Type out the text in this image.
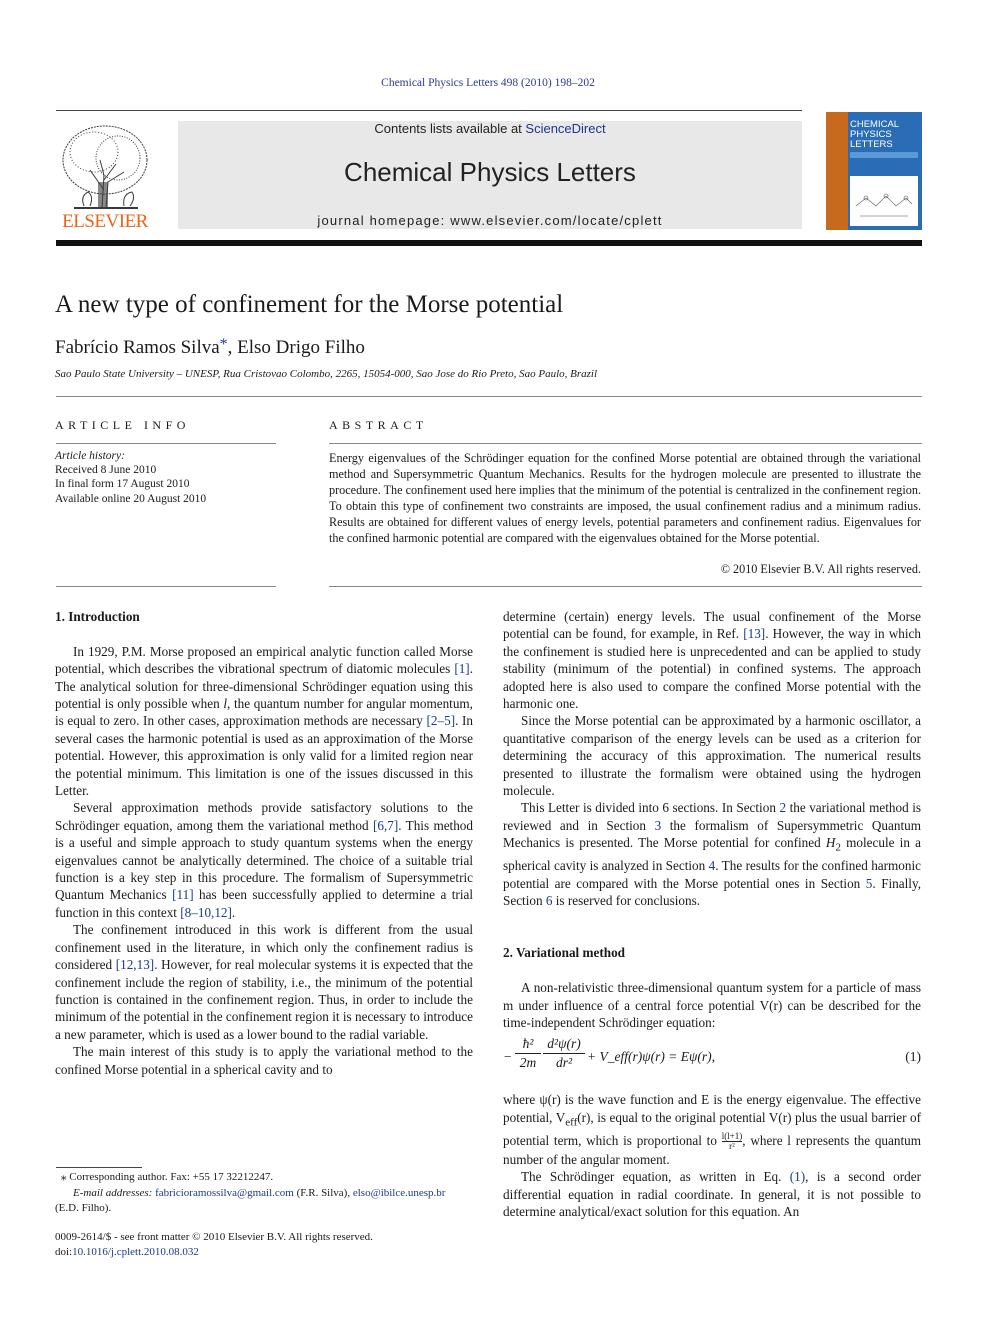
Chemical Physics Letters 498 (2010) 198–202
ELSEVIER
Contents lists available at ScienceDirect
Chemical Physics Letters
journal homepage: www.elsevier.com/locate/cplett
CHEMICAL PHYSICS LETTERS
A new type of confinement for the Morse potential
Fabrício Ramos Silva*, Elso Drigo Filho
Sao Paulo State University – UNESP, Rua Cristovao Colombo, 2265, 15054-000, Sao Jose do Rio Preto, Sao Paulo, Brazil
ARTICLE INFO	ABSTRACT
Article history:
Received 8 June 2010
In final form 17 August 2010
Available online 20 August 2010
Energy eigenvalues of the Schrödinger equation for the confined Morse potential are obtained through the variational method and Supersymmetric Quantum Mechanics. Results for the hydrogen molecule are presented to illustrate the procedure. The confinement used here implies that the minimum of the potential is centralized in the confinement region. To obtain this type of confinement two constraints are imposed, the usual confinement radius and a minimum radius. Results are obtained for different values of energy levels, potential parameters and confinement radius. Eigenvalues for the confined harmonic potential are compared with the eigenvalues obtained for the Morse potential.
© 2010 Elsevier B.V. All rights reserved.

1. Introduction

In 1929, P.M. Morse proposed an empirical analytic function called Morse potential, which describes the vibrational spectrum of diatomic molecules [1]. The analytical solution for three-dimensional Schrödinger equation using this potential is only possible when l, the quantum number for angular momentum, is equal to zero. In other cases, approximation methods are necessary [2–5]. In several cases the harmonic potential is used as an approximation of the Morse potential. However, this approximation is only valid for a limited region near the potential minimum. This limitation is one of the issues discussed in this Letter.

Several approximation methods provide satisfactory solutions to the Schrödinger equation, among them the variational method [6,7]. This method is a useful and simple approach to study quantum systems when the energy eigenvalues cannot be analytically determined. The choice of a suitable trial function is a key step in this procedure. The formalism of Supersymmetric Quantum Mechanics [11] has been successfully applied to determine a trial function in this context [8–10,12].

The confinement introduced in this work is different from the usual confinement used in the literature, in which only the confinement radius is considered [12,13]. However, for real molecular systems it is expected that the confinement include the region of stability, i.e., the minimum of the potential function is contained in the confinement region. Thus, in order to include the minimum of the potential in the confinement region it is necessary to introduce a new parameter, which is used as a lower bound to the radial variable.

The main interest of this study is to apply the variational method to the confined Morse potential in a spherical cavity and to

determine (certain) energy levels. The usual confinement of the Morse potential can be found, for example, in Ref. [13]. However, the way in which the confinement is studied here is unprecedented and can be applied to study stability (minimum of the potential) in confined systems. The approach adopted here is also used to compare the confined Morse potential with the harmonic one.

Since the Morse potential can be approximated by a harmonic oscillator, a quantitative comparison of the energy levels can be used as a criterion for determining the accuracy of this approximation. The numerical results presented to illustrate the formalism were obtained using the hydrogen molecule.

This Letter is divided into 6 sections. In Section 2 the variational method is reviewed and in Section 3 the formalism of Supersymmetric Quantum Mechanics is presented. The Morse potential for confined $H_2$ molecule in a spherical cavity is analyzed in Section 4. The results for the confined harmonic potential are compared with the Morse potential ones in Section 5. Finally, Section 6 is reserved for conclusions.

2. Variational method

A non-relativistic three-dimensional quantum system for a particle of mass m under influence of a central force potential V(r) can be described for the time-independent Schrödinger equation:

− $\frac{\text{ħ²}}{2m} \frac{\text{d²ψ(r)}}{\text{dr²}}$ + V_eff(r)ψ(r) = Eψ(r),	(1)

where ψ(r) is the wave function and E is the energy eigenvalue. The effective potential, $V_{eff}(r)$, is equal to the original potential V(r) plus the usual barrier of potential term, which is proportional to $\frac{l(l+1)}{\text{r²}}$ , where l represents the quantum number of the angular moment.

The Schrödinger equation, as written in Eq. (1), is a second order differential equation in radial coordinate. In general, it is not possible to determine analytical/exact solution for this equation. An

⁎ Corresponding author. Fax: +55 17 32212247.
E-mail addresses: fabricioramossilva@gmail.com (F.R. Silva), elso@ibilce.unesp.br
(E.D. Filho).
0009-2614/$ - see front matter © 2010 Elsevier B.V. All rights reserved.
doi:10.1016/j.cplett.2010.08.032
